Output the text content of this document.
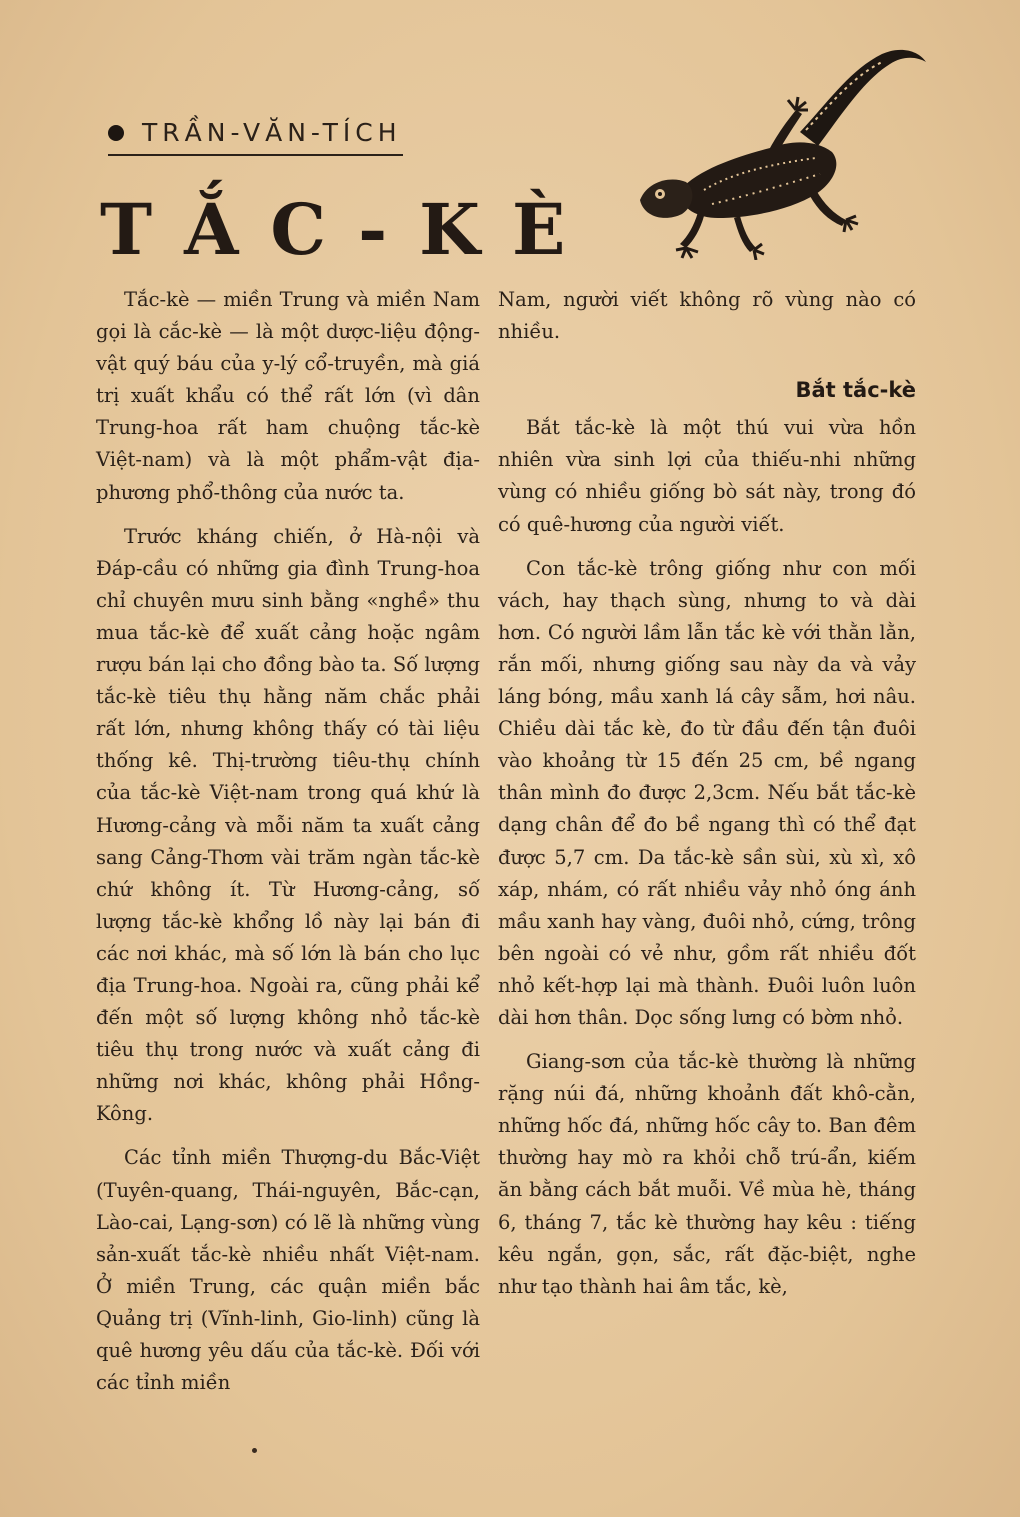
TRẦN-VĂN-TÍCH
TẮC-KÈ

Tắc-kè — miền Trung và miền Nam gọi là cắc-kè — là một dược-liệu động-vật quý báu của y-lý cổ-truyền, mà giá trị xuất khẩu có thể rất lớn (vì dân Trung-hoa rất ham chuộng tắc-kè Việt-nam) và là một phẩm-vật địa-phương phổ-thông của nước ta.

Trước kháng chiến, ở Hà-nội và Đáp-cầu có những gia đình Trung-hoa chỉ chuyên mưu sinh bằng «nghề» thu mua tắc-kè để xuất cảng hoặc ngâm rượu bán lại cho đồng bào ta. Số lượng tắc-kè tiêu thụ hằng năm chắc phải rất lớn, nhưng không thấy có tài liệu thống kê. Thị-trường tiêu-thụ chính của tắc-kè Việt-nam trong quá khứ là Hương-cảng và mỗi năm ta xuất cảng sang Cảng-Thơm vài trăm ngàn tắc-kè chứ không ít. Từ Hương-cảng, số lượng tắc-kè khổng lồ này lại bán đi các nơi khác, mà số lớn là bán cho lục địa Trung-hoa. Ngoài ra, cũng phải kể đến một số lượng không nhỏ tắc-kè tiêu thụ trong nước và xuất cảng đi những nơi khác, không phải Hồng-Kông.

Các tỉnh miền Thượng-du Bắc-Việt (Tuyên-quang, Thái-nguyên, Bắc-cạn, Lào-cai, Lạng-sơn) có lẽ là những vùng sản-xuất tắc-kè nhiều nhất Việt-nam. Ở miền Trung, các quận miền bắc Quảng trị (Vĩnh-linh, Gio-linh) cũng là quê hương yêu dấu của tắc-kè. Đối với các tỉnh miền

Nam, người viết không rõ vùng nào có nhiều.

Bắt tắc-kè

Bắt tắc-kè là một thú vui vừa hồn nhiên vừa sinh lợi của thiếu-nhi những vùng có nhiều giống bò sát này, trong đó có quê-hương của người viết.

Con tắc-kè trông giống như con mối vách, hay thạch sùng, nhưng to và dài hơn. Có người lầm lẫn tắc kè với thằn lằn, rắn mối, nhưng giống sau này da và vảy láng bóng, mầu xanh lá cây sẫm, hơi nâu. Chiều dài tắc kè, đo từ đầu đến tận đuôi vào khoảng từ 15 đến 25 cm, bề ngang thân mình đo được 2,3cm. Nếu bắt tắc-kè dạng chân để đo bề ngang thì có thể đạt được 5,7 cm. Da tắc-kè sần sùi, xù xì, xô xáp, nhám, có rất nhiều vảy nhỏ óng ánh mầu xanh hay vàng, đuôi nhỏ, cứng, trông bên ngoài có vẻ như, gồm rất nhiều đốt nhỏ kết-hợp lại mà thành. Đuôi luôn luôn dài hơn thân. Dọc sống lưng có bờm nhỏ.

Giang-sơn của tắc-kè thường là những rặng núi đá, những khoảnh đất khô-cằn, những hốc đá, những hốc cây to. Ban đêm thường hay mò ra khỏi chỗ trú-ẩn, kiếm ăn bằng cách bắt muỗi. Về mùa hè, tháng 6, tháng 7, tắc kè thường hay kêu : tiếng kêu ngắn, gọn, sắc, rất đặc-biệt, nghe như tạo thành hai âm tắc, kè,
